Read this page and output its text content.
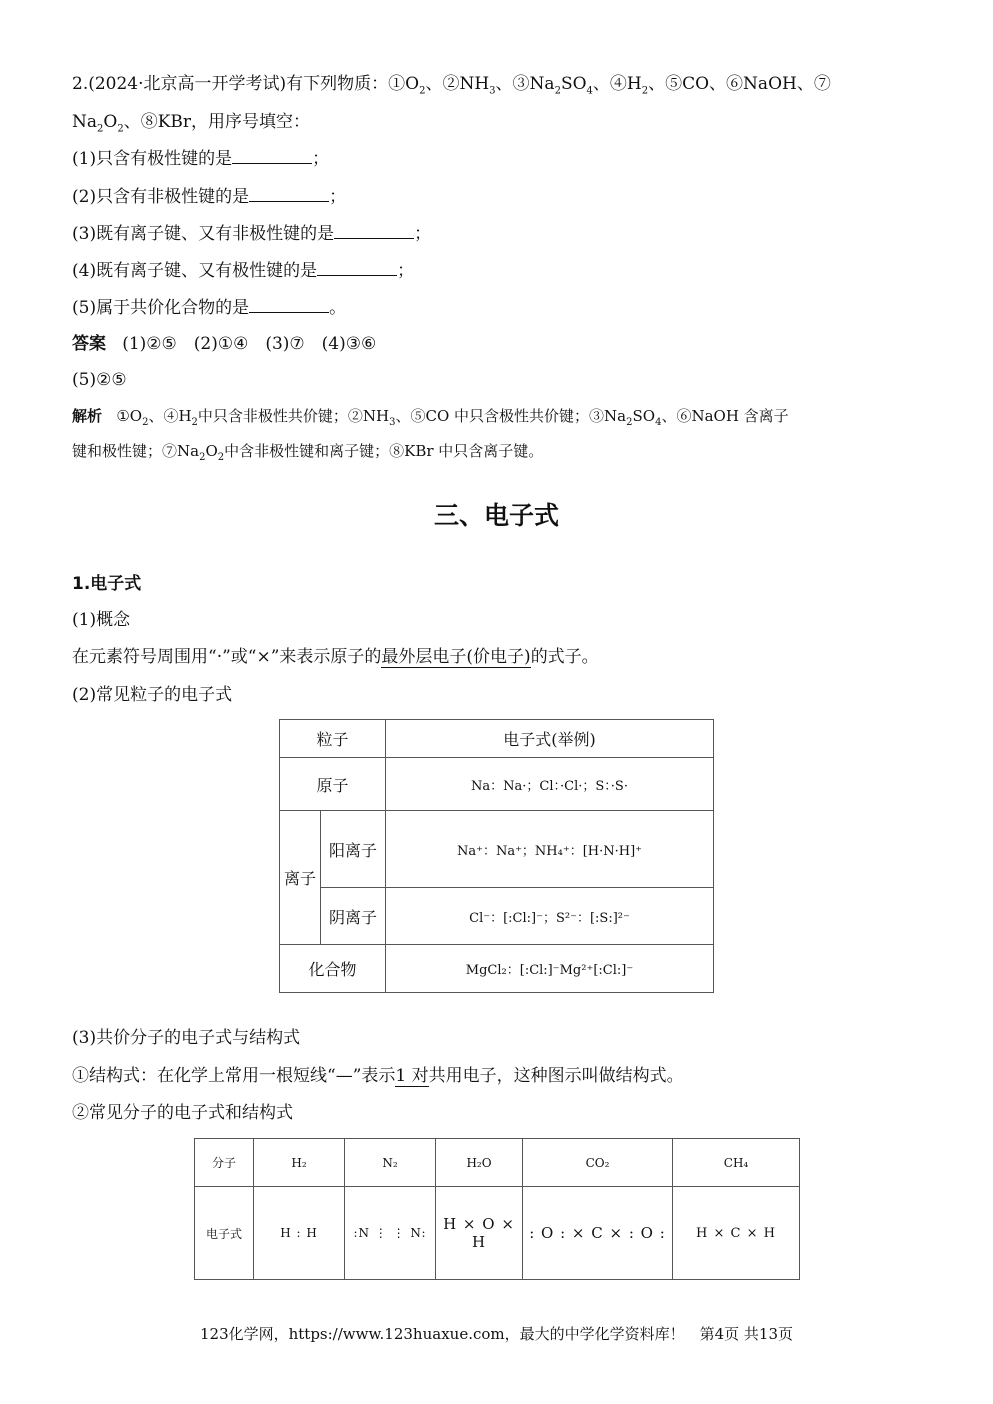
2.(2024·北京高一开学考试)有下列物质：$①O_2$、$②NH_3$、$③Na_2SO_4$、$④H_2$、⑤CO、⑥NaOH、⑦
$Na_2O_2$、⑧KBr，用序号填空：
(1)只含有极性键的是	；
(2)只含有非极性键的是	；
(3)既有离子键、又有非极性键的是	；
(4)既有离子键、又有极性键的是	；
(5)属于共价化合物的是	。
答案 (1)②⑤　(2)①④　(3)⑦　(4)③⑥
(5)②⑤
解析 $①O_2$、$④H_2$中只含非极性共价键；$②NH_3$、⑤CO 中只含极性共价键；$③Na_2SO_4$、⑥NaOH 含离子
键和极性键；$⑦Na_2O_2$中含非极性键和离子键；⑧KBr 中只含离子键。
三、电子式
1.电子式
(1)概念
在元素符号周围用“·”或“×”来表示原子的最外层电子(价电子)的式子。
(2)常见粒子的电子式
粒子		电子式(举例)
原子		Na：Na·；Cl：·Cl·；S：·S·
离子	阳离子	Na⁺：Na⁺；NH₄⁺：[H·N·H]⁺
	阴离子	Cl⁻：[:Cl:]⁻；S²⁻：[:S:]²⁻
化合物		MgCl₂：[:Cl:]⁻Mg²⁺[:Cl:]⁻
(3)共价分子的电子式与结构式
①结构式：在化学上常用一根短线“—”表示1 对共用电子，这种图示叫做结构式。
②常见分子的电子式和结构式
分子	H₂	N₂	H₂O	CO₂	CH₄
电子式	H : H	:N ⋮ ⋮ N:	H × O × H	: O : × C × : O :	H × C × H
123化学网，https://www.123huaxue.com，最大的中学化学资料库！　第4页 共13页
